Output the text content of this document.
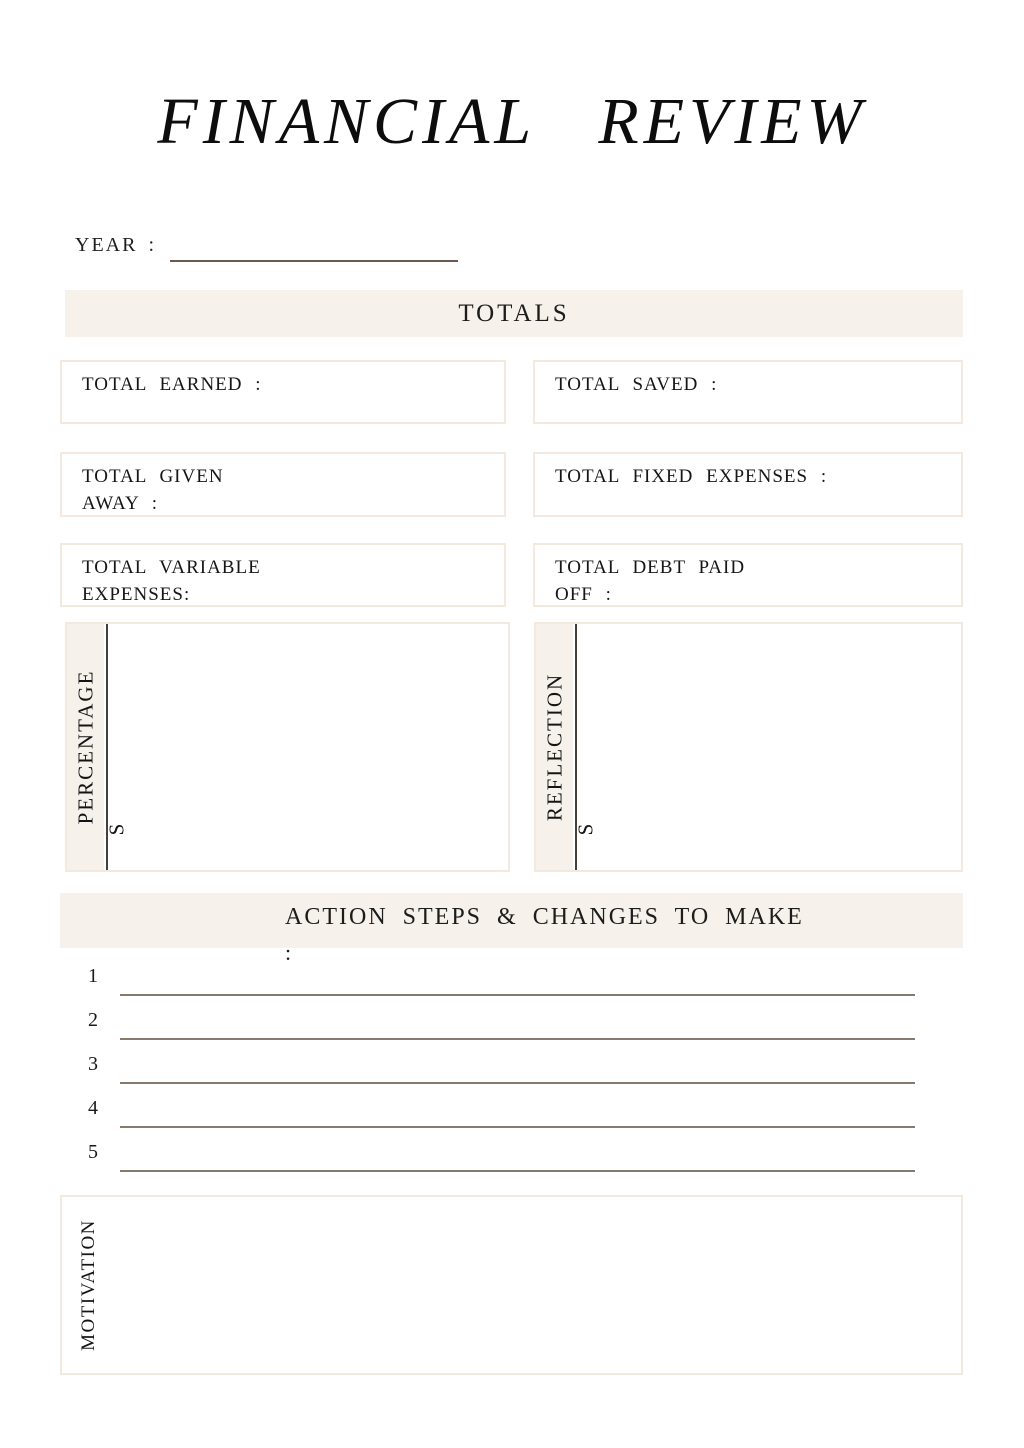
FINANCIAL REVIEW
YEAR :
TOTALS
TOTAL EARNED :	TOTAL SAVED :
TOTAL GIVEN
AWAY :
TOTAL FIXED EXPENSES :
TOTAL VARIABLE
EXPENSES:
TOTAL DEBT PAID
OFF :
PERCENTAGE
S
REFLECTION
S
ACTION STEPS & CHANGES TO MAKE
:
1
2
3
4
5
MOTIVATION
